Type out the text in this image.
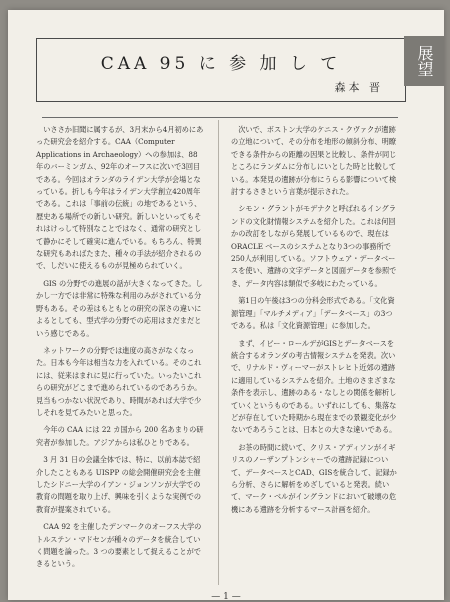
CAA 95 に 参 加 し て
森本 晋

いささか旧聞に属するが、3月末から4月初めにあった研究会を紹介する。CAA（Computer Applications in Archaeology）への参加は、88年のバーミンガム、92年のオーフスに次いで3回目である。今回はオランダのライデン大学が会場となっている。折しも今年はライデン大学創立420周年である。これは「事前の伝統」の地であるという、歴史ある場所での新しい研究。新しいといってもそれはけっして特別なことではなく、通常の研究として静かにそして確実に進んでいる。もちろん、特異な研究もあればたまた、種々の手法が紹介されるので、しだいに使えるものが見極められていく。

GIS の分野での進展の話が大きくなってきた。しかし一方では非常に特殊な利用のみがされている分野もある。その差はもともとの研究の深さの違いによるとしても、型式学の分野での応用はまだまだという感じである。

ネットワークの分野では進度の高さがなくなった。日本も今年は相当な力を入れている。そのこれには、従来はまれに見に行っていた。いったいこれらの研究がどこまで進められているのであろうか。見当もつかない状況であり、時間があれば大学で少しそれを見てみたいと思った。

今年の CAA には 22 カ国から 200 名あまりの研究者が参加した。アジアからは私ひとりである。

3 月 31 日の会議全体では、特に、以前本誌で紹介したこともある UISPP の総会開催研究会を主催したシドニー大学のイアン・ジョンソンが大学での教育の問題を取り上げ、興味を引くような実例での教育が提案されている。

CAA 92 を主催したデンマークのオーフス大学のトルステン・マドセンが種々のデータを統合していく問題を論った。3 つの要素として捉えることができるという。

次いで、ボストン大学のケニス・クヴァクが遺跡の立地について、その分布を地形の傾斜分布、明瞭できる条件からの距離の因果と比較し、条件が同じところにランダムに分布しにいとした時と比較している。本発見の遺跡が分布にうらる影響について検討するさきという言葉が提示された。

シモン・グラントがモデナクと呼ばれるイングランドの文化財情報システムを紹介した。これは何回かの改訂をしながら発展しているもので、現在は ORACLE ベースのシステムとなり3つの事務所で250人が利用している。ソフトウェア・データベースを使い、遺跡の文字データと図面データを参照でき、データ内容は類似で多岐にわたっている。

第1日の午後は3つの分科会形式である。「文化資源管理」「マルチメディア」「データベース」の3つである。私は「文化資源管理」に参加した。

まず、イビー・ロールデがGISとデータベースを統合するオランダの考古情報システムを発表。次いで、リナルド・ヴィーマーがストレヒト近郊の遺跡に適用しているシステムを紹介。土地のさまざまな条件を表示し、遺跡のある・なしとの関係を解析していくというものである。いずれにしても、集落などが存在していた時期から現在までの景観変化が少ないであろうことは、日本との大きな違いである。

お茶の時間に続いて、クリス・アディソンがイギリスのノーザンプトンシャーでの遺跡記録について、データベースとCAD、GISを統合して、記録から分析、さらに解析をめざしていると発表。続いて、マーク・ベルがイングランドにおいて破壊の危機にある遺跡を分析するマース計画を紹介。

— 1 —
展望
